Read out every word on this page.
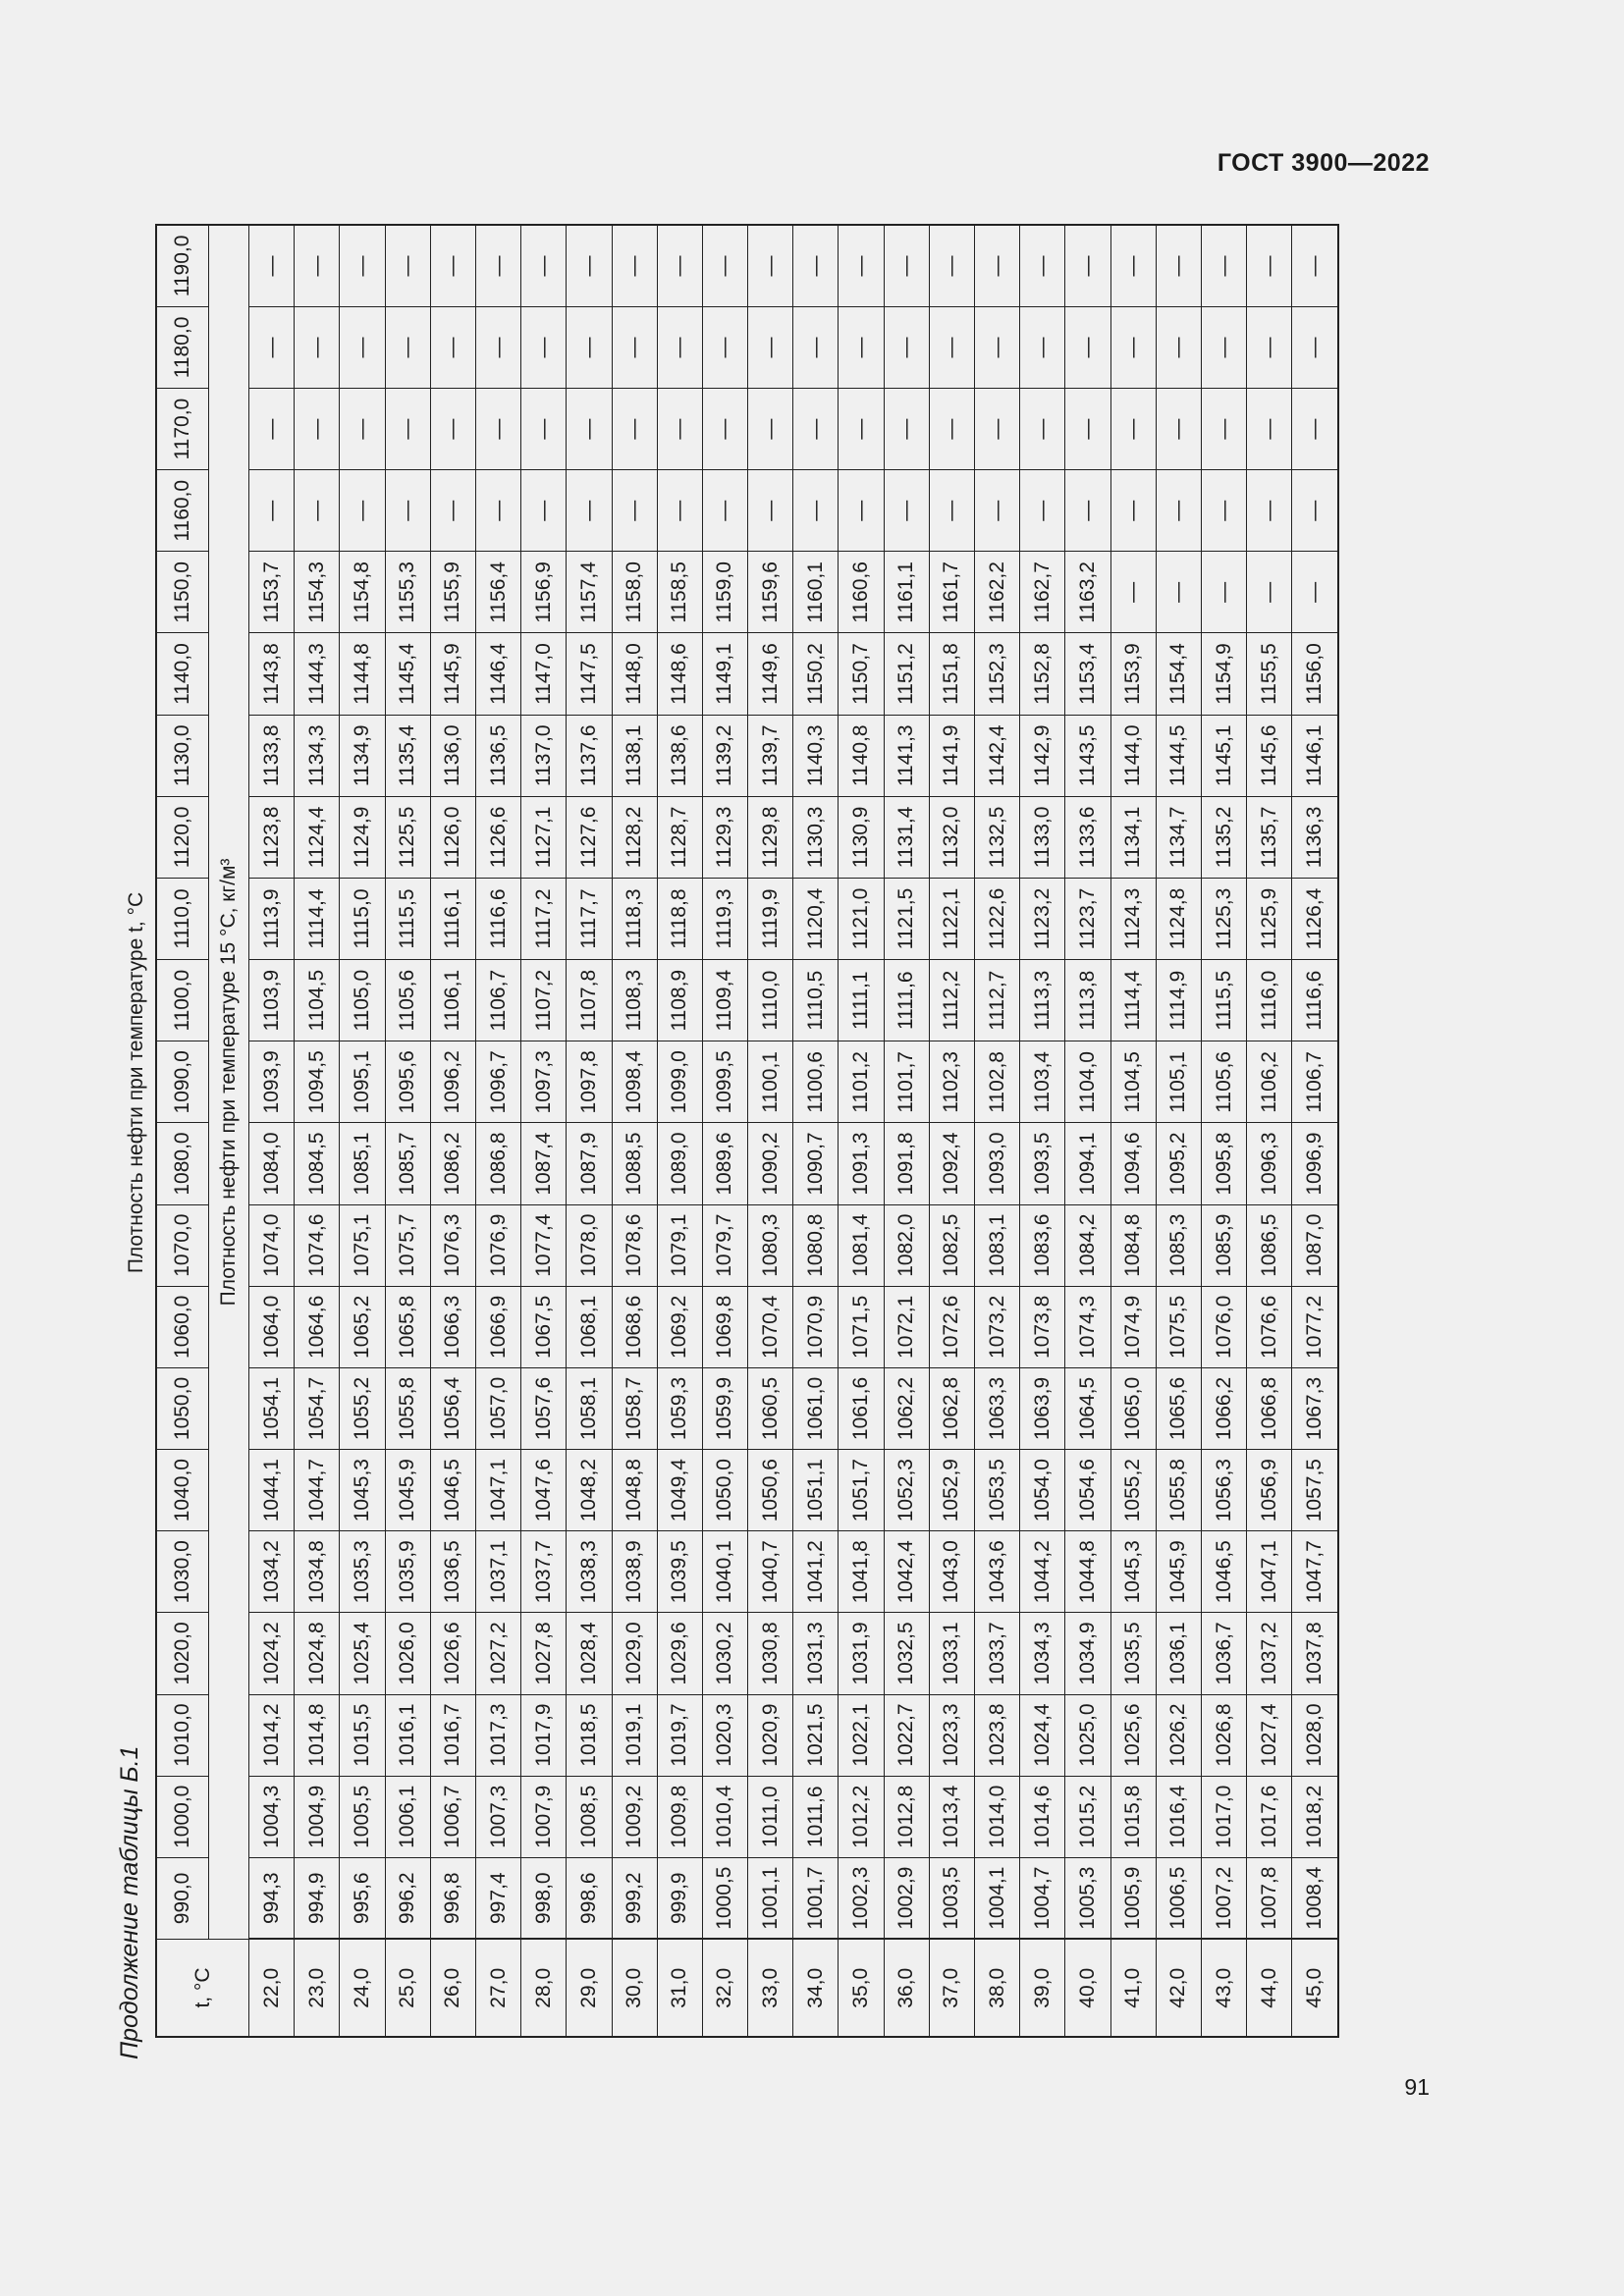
ГОСТ 3900—2022
Продолжение таблицы Б.1 t, °C	990,0	1000,0	1010,0	1020,0	1030,0	1040,0	1050,0	1060,0	1070,0	1080,0	1090,0	1100,0	1110,0	1120,0	1130,0	1140,0	1150,0	1160,0	1170,0	1180,0	1190,0
	Плотность нефти при температуре 15 °C, кг/м³																				
22,0	994,3	1004,3	1014,2	1024,2	1034,2	1044,1	1054,1	1064,0	1074,0	1084,0	1093,9	1103,9	1113,9	1123,8	1133,8	1143,8	1153,7	—	—	—	—
23,0	994,9	1004,9	1014,8	1024,8	1034,8	1044,7	1054,7	1064,6	1074,6	1084,5	1094,5	1104,5	1114,4	1124,4	1134,3	1144,3	1154,3	—	—	—	—
24,0	995,6	1005,5	1015,5	1025,4	1035,3	1045,3	1055,2	1065,2	1075,1	1085,1	1095,1	1105,0	1115,0	1124,9	1134,9	1144,8	1154,8	—	—	—	—
25,0	996,2	1006,1	1016,1	1026,0	1035,9	1045,9	1055,8	1065,8	1075,7	1085,7	1095,6	1105,6	1115,5	1125,5	1135,4	1145,4	1155,3	—	—	—	—
26,0	996,8	1006,7	1016,7	1026,6	1036,5	1046,5	1056,4	1066,3	1076,3	1086,2	1096,2	1106,1	1116,1	1126,0	1136,0	1145,9	1155,9	—	—	—	—
27,0	997,4	1007,3	1017,3	1027,2	1037,1	1047,1	1057,0	1066,9	1076,9	1086,8	1096,7	1106,7	1116,6	1126,6	1136,5	1146,4	1156,4	—	—	—	—
28,0	998,0	1007,9	1017,9	1027,8	1037,7	1047,6	1057,6	1067,5	1077,4	1087,4	1097,3	1107,2	1117,2	1127,1	1137,0	1147,0	1156,9	—	—	—	—
29,0	998,6	1008,5	1018,5	1028,4	1038,3	1048,2	1058,1	1068,1	1078,0	1087,9	1097,8	1107,8	1117,7	1127,6	1137,6	1147,5	1157,4	—	—	—	—
30,0	999,2	1009,2	1019,1	1029,0	1038,9	1048,8	1058,7	1068,6	1078,6	1088,5	1098,4	1108,3	1118,3	1128,2	1138,1	1148,0	1158,0	—	—	—	—
31,0	999,9	1009,8	1019,7	1029,6	1039,5	1049,4	1059,3	1069,2	1079,1	1089,0	1099,0	1108,9	1118,8	1128,7	1138,6	1148,6	1158,5	—	—	—	—
32,0	1000,5	1010,4	1020,3	1030,2	1040,1	1050,0	1059,9	1069,8	1079,7	1089,6	1099,5	1109,4	1119,3	1129,3	1139,2	1149,1	1159,0	—	—	—	—
33,0	1001,1	1011,0	1020,9	1030,8	1040,7	1050,6	1060,5	1070,4	1080,3	1090,2	1100,1	1110,0	1119,9	1129,8	1139,7	1149,6	1159,6	—	—	—	—
34,0	1001,7	1011,6	1021,5	1031,3	1041,2	1051,1	1061,0	1070,9	1080,8	1090,7	1100,6	1110,5	1120,4	1130,3	1140,3	1150,2	1160,1	—	—	—	—
35,0	1002,3	1012,2	1022,1	1031,9	1041,8	1051,7	1061,6	1071,5	1081,4	1091,3	1101,2	1111,1	1121,0	1130,9	1140,8	1150,7	1160,6	—	—	—	—
36,0	1002,9	1012,8	1022,7	1032,5	1042,4	1052,3	1062,2	1072,1	1082,0	1091,8	1101,7	1111,6	1121,5	1131,4	1141,3	1151,2	1161,1	—	—	—	—
37,0	1003,5	1013,4	1023,3	1033,1	1043,0	1052,9	1062,8	1072,6	1082,5	1092,4	1102,3	1112,2	1122,1	1132,0	1141,9	1151,8	1161,7	—	—	—	—
38,0	1004,1	1014,0	1023,8	1033,7	1043,6	1053,5	1063,3	1073,2	1083,1	1093,0	1102,8	1112,7	1122,6	1132,5	1142,4	1152,3	1162,2	—	—	—	—
39,0	1004,7	1014,6	1024,4	1034,3	1044,2	1054,0	1063,9	1073,8	1083,6	1093,5	1103,4	1113,3	1123,2	1133,0	1142,9	1152,8	1162,7	—	—	—	—
40,0	1005,3	1015,2	1025,0	1034,9	1044,8	1054,6	1064,5	1074,3	1084,2	1094,1	1104,0	1113,8	1123,7	1133,6	1143,5	1153,4	1163,2	—	—	—	—
41,0	1005,9	1015,8	1025,6	1035,5	1045,3	1055,2	1065,0	1074,9	1084,8	1094,6	1104,5	1114,4	1124,3	1134,1	1144,0	1153,9	—	—	—	—	—
42,0	1006,5	1016,4	1026,2	1036,1	1045,9	1055,8	1065,6	1075,5	1085,3	1095,2	1105,1	1114,9	1124,8	1134,7	1144,5	1154,4	—	—	—	—	—
43,0	1007,2	1017,0	1026,8	1036,7	1046,5	1056,3	1066,2	1076,0	1085,9	1095,8	1105,6	1115,5	1125,3	1135,2	1145,1	1154,9	—	—	—	—	—
44,0	1007,8	1017,6	1027,4	1037,2	1047,1	1056,9	1066,8	1076,6	1086,5	1096,3	1106,2	1116,0	1125,9	1135,7	1145,6	1155,5	—	—	—	—	—
45,0	1008,4	1018,2	1028,0	1037,8	1047,7	1057,5	1067,3	1077,2	1087,0	1096,9	1106,7	1116,6	1126,4	1136,3	1146,1	1156,0	—	—	—	—	—
Плотность нефти при температуре t, °C
91
